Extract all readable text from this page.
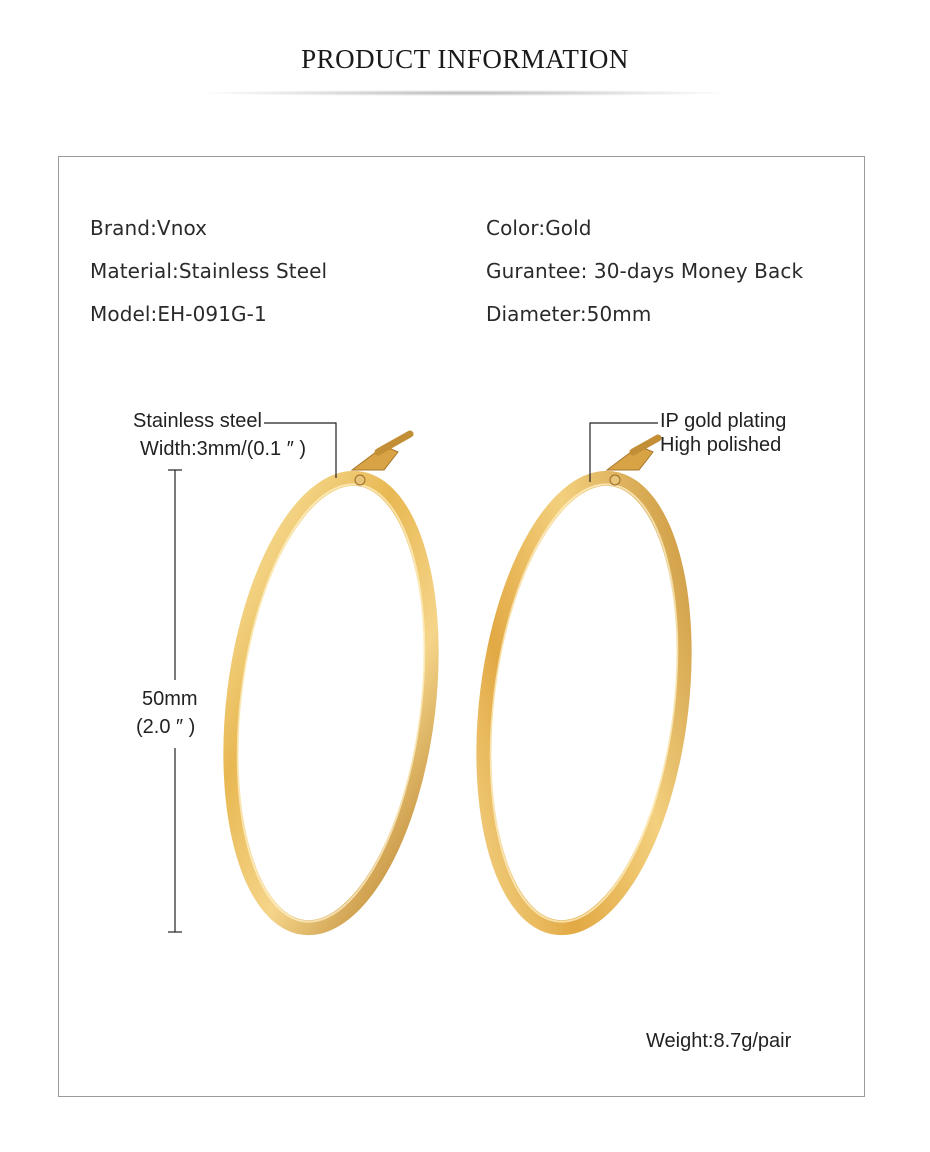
PRODUCT INFORMATION
Brand:Vnox
Material:Stainless Steel
Model:EH-091G-1
Color:Gold
Gurantee: 30-days Money Back
Diameter:50mm
Stainless steel
Width:3mm/(0.1 ″ )
IP gold plating
High polished
50mm
(2.0 ″ )
Weight:8.7g/pair
